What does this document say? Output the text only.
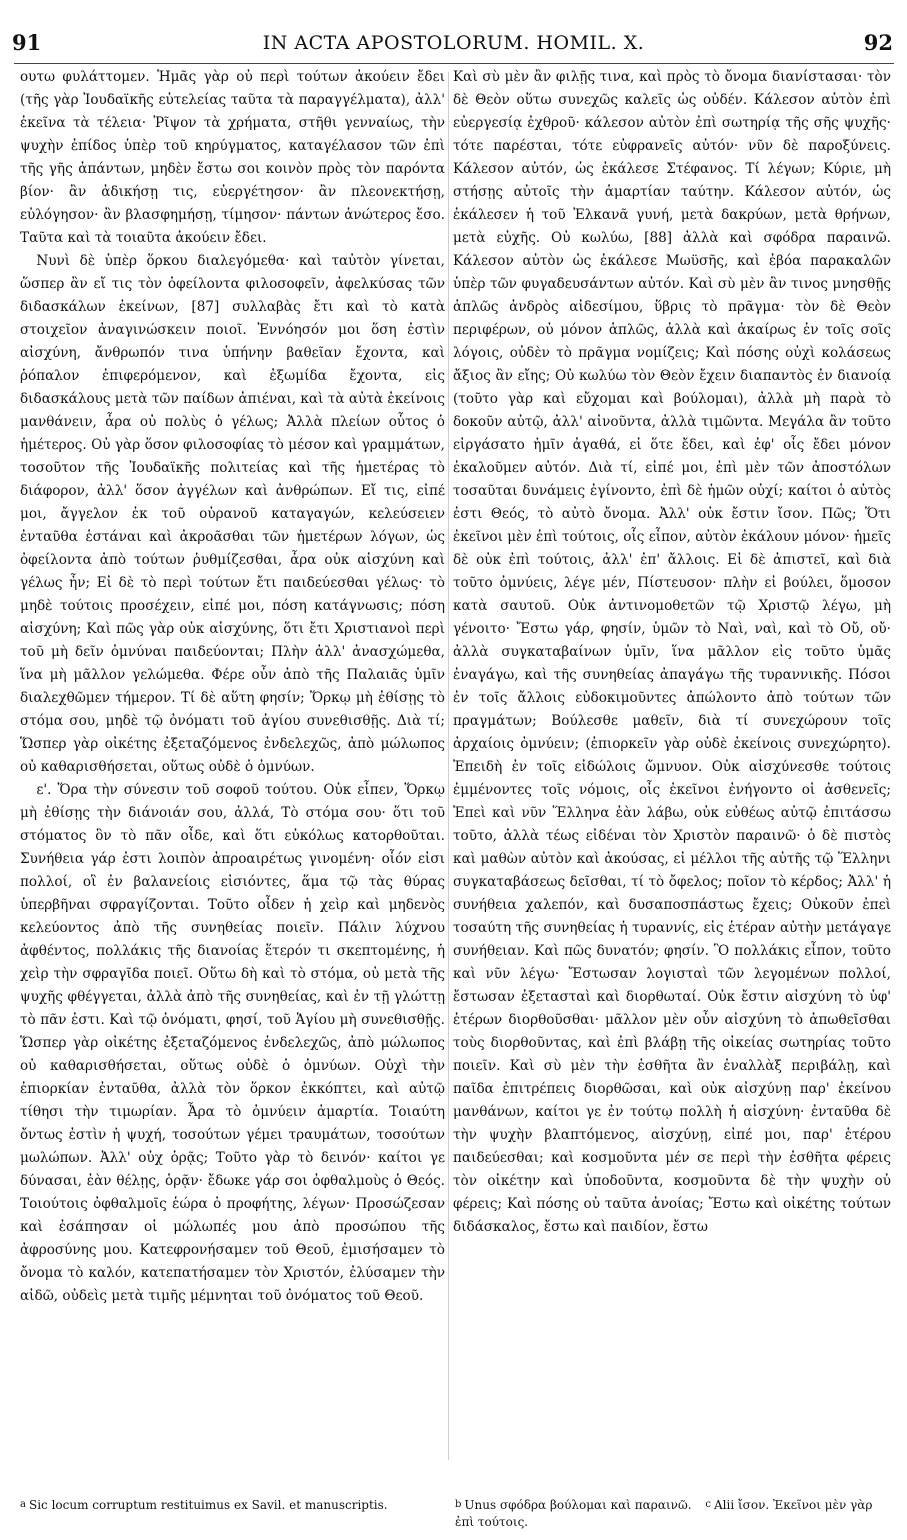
91	IN ACTA APOSTOLORUM. HOMIL. X.	92

ουτω φυλάττομεν. Ἡμᾶς γὰρ οὐ περὶ τούτων ἀκούειν ἔδει (τῆς γὰρ Ἰουδαϊκῆς εὐτελείας ταῦτα τὰ παραγγέλματα), ἀλλ' ἐκεῖνα τὰ τέλεια· Ῥῖψον τὰ χρήματα, στῆθι γενναίως, τὴν ψυχὴν ἐπίδος ὑπὲρ τοῦ κηρύγματος, καταγέλασον τῶν ἐπὶ τῆς γῆς ἁπάντων, μηδὲν ἔστω σοι κοινὸν πρὸς τὸν παρόντα βίον· ἂν ἀδικήσῃ τις, εὐεργέτησον· ἂν πλεονεκτήσῃ, εὐλόγησον· ἂν βλασφημήσῃ, τίμησον· πάντων ἀνώτερος ἔσο. Ταῦτα καὶ τὰ τοιαῦτα ἀκούειν ἔδει.

Νυνὶ δὲ ὑπὲρ ὅρκου διαλεγόμεθα· καὶ ταὐτὸν γίνεται, ὥσπερ ἂν εἴ τις τὸν ὀφείλοντα φιλοσοφεῖν, ἀφελκύσας τῶν διδασκάλων ἐκείνων, [87] συλλαβὰς ἔτι καὶ τὸ κατὰ στοιχεῖον ἀναγινώσκειν ποιοῖ. Ἐννόησόν μοι ὅση ἐστὶν αἰσχύνη, ἄνθρωπόν τινα ὑπήνην βαθεῖαν ἔχοντα, καὶ ῥόπαλον ἐπιφερόμενον, καὶ ἐξωμίδα ἔχοντα, εἰς διδασκάλους μετὰ τῶν παίδων ἀπιέναι, καὶ τὰ αὐτὰ ἐκείνοις μανθάνειν, ἆρα οὐ πολὺς ὁ γέλως; Ἀλλὰ πλείων οὗτος ὁ ἡμέτερος. Οὐ γὰρ ὅσον φιλοσοφίας τὸ μέσον καὶ γραμμάτων, τοσοῦτον τῆς Ἰουδαϊκῆς πολιτείας καὶ τῆς ἡμετέρας τὸ διάφορον, ἀλλ' ὅσον ἀγγέλων καὶ ἀνθρώπων. Εἴ τις, εἰπέ μοι, ἄγγελον ἐκ τοῦ οὐρανοῦ καταγαγών, κελεύσειεν ἐνταῦθα ἑστάναι καὶ ἀκροᾶσθαι τῶν ἡμετέρων λόγων, ὡς ὀφείλοντα ἀπὸ τούτων ῥυθμίζεσθαι, ἆρα οὐκ αἰσχύνη καὶ γέλως ἦν; Εἰ δὲ τὸ περὶ τούτων ἔτι παιδεύεσθαι γέλως· τὸ μηδὲ τούτοις προσέχειν, εἰπέ μοι, πόση κατάγνωσις; πόση αἰσχύνη; Καὶ πῶς γὰρ οὐκ αἰσχύνης, ὅτι ἔτι Χριστιανοὶ περὶ τοῦ μὴ δεῖν ὀμνύναι παιδεύονται; Πλὴν ἀλλ' ἀνασχώμεθα, ἵνα μὴ μᾶλλον γελώμεθα. Φέρε οὖν ἀπὸ τῆς Παλαιᾶς ὑμῖν διαλεχθῶμεν τήμερον. Τί δὲ αὕτη φησίν; Ὅρκῳ μὴ ἐθίσῃς τὸ στόμα σου, μηδὲ τῷ ὀνόματι τοῦ ἁγίου συνεθισθῇς. Διὰ τί; Ὥσπερ γὰρ οἰκέτης ἐξεταζόμενος ἐνδελεχῶς, ἀπὸ μώλωπος οὐ καθαρισθήσεται, οὕτως οὐδὲ ὁ ὀμνύων.

ε'. Ὅρα τὴν σύνεσιν τοῦ σοφοῦ τούτου. Οὐκ εἶπεν, Ὅρκῳ μὴ ἐθίσῃς τὴν διάνοιάν σου, ἀλλά, Τὸ στόμα σου· ὅτι τοῦ στόματος ὃν τὸ πᾶν οἶδε, καὶ ὅτι εὐκόλως κατορθοῦται. Συνήθεια γάρ ἐστι λοιπὸν ἀπροαιρέτως γινομένη· οἷόν εἰσι πολλοί, οἳ ἐν βαλανείοις εἰσιόντες, ἅμα τῷ τὰς θύρας ὑπερβῆναι σφραγίζονται. Τοῦτο οἶδεν ἡ χεὶρ καὶ μηδενὸς κελεύοντος ἀπὸ τῆς συνηθείας ποιεῖν. Πάλιν λύχνου ἀφθέντος, πολλάκις τῆς διανοίας ἕτερόν τι σκεπτομένης, ἡ χεὶρ τὴν σφραγῖδα ποιεῖ. Οὕτω δὴ καὶ τὸ στόμα, οὐ μετὰ τῆς ψυχῆς φθέγγεται, ἀλλὰ ἀπὸ τῆς συνηθείας, καὶ ἐν τῇ γλώττῃ τὸ πᾶν ἐστι. Καὶ τῷ ὀνόματι, φησί, τοῦ Ἁγίου μὴ συνεθισθῇς. Ὥσπερ γὰρ οἰκέτης ἐξεταζόμενος ἐνδελεχῶς, ἀπὸ μώλωπος οὐ καθαρισθήσεται, οὕτως οὐδὲ ὁ ὀμνύων. Οὐχὶ τὴν ἐπιορκίαν ἐνταῦθα, ἀλλὰ τὸν ὅρκον ἐκκόπτει, καὶ αὐτῷ τίθησι τὴν τιμωρίαν. Ἆρα τὸ ὀμνύειν ἁμαρτία. Τοιαύτη ὄντως ἐστὶν ἡ ψυχή, τοσούτων γέμει τραυμάτων, τοσούτων μωλώπων. Ἀλλ' οὐχ ὁρᾷς; Τοῦτο γὰρ τὸ δεινόν· καίτοι γε δύνασαι, ἐὰν θέλῃς, ὁρᾷν· ἔδωκε γάρ σοι ὀφθαλμοὺς ὁ Θεός. Τοιούτοις ὀφθαλμοῖς ἑώρα ὁ προφήτης, λέγων· Προσώζεσαν καὶ ἐσάπησαν οἱ μώλωπές μου ἀπὸ προσώπου τῆς ἀφροσύνης μου. Κατεφρονήσαμεν τοῦ Θεοῦ, ἐμισήσαμεν τὸ ὄνομα τὸ καλόν, κατεπατήσαμεν τὸν Χριστόν, ἐλύσαμεν τὴν αἰδῶ, οὐδεὶς μετὰ τιμῆς μέμνηται τοῦ ὀνόματος τοῦ Θεοῦ.

Καὶ σὺ μὲν ἂν φιλῇς τινα, καὶ πρὸς τὸ ὄνομα διανίστασαι· τὸν δὲ Θεὸν οὕτω συνεχῶς καλεῖς ὡς οὐδέν. Κάλεσον αὐτὸν ἐπὶ εὐεργεσίᾳ ἐχθροῦ· κάλεσον αὐτὸν ἐπὶ σωτηρίᾳ τῆς σῆς ψυχῆς· τότε παρέσται, τότε εὐφρανεῖς αὐτόν· νῦν δὲ παροξύνεις. Κάλεσον αὐτόν, ὡς ἐκάλεσε Στέφανος. Τί λέγων; Κύριε, μὴ στήσῃς αὐτοῖς τὴν ἁμαρτίαν ταύτην. Κάλεσον αὐτόν, ὡς ἐκάλεσεν ἡ τοῦ Ἐλκανᾶ γυνή, μετὰ δακρύων, μετὰ θρήνων, μετὰ εὐχῆς. Οὐ κωλύω, [88] ἀλλὰ καὶ σφόδρα παραινῶ. Κάλεσον αὐτὸν ὡς ἐκάλεσε Μωϋσῆς, καὶ ἐβόα παρακαλῶν ὑπὲρ τῶν φυγαδευσάντων αὐτόν. Καὶ σὺ μὲν ἂν τινος μνησθῇς ἁπλῶς ἀνδρὸς αἰδεσίμου, ὕβρις τὸ πρᾶγμα· τὸν δὲ Θεὸν περιφέρων, οὐ μόνον ἁπλῶς, ἀλλὰ καὶ ἀκαίρως ἐν τοῖς σοῖς λόγοις, οὐδὲν τὸ πρᾶγμα νομίζεις; Καὶ πόσης οὐχὶ κολάσεως ἄξιος ἂν εἴης; Οὐ κωλύω τὸν Θεὸν ἔχειν διαπαντὸς ἐν διανοίᾳ (τοῦτο γὰρ καὶ εὔχομαι καὶ βούλομαι), ἀλλὰ μὴ παρὰ τὸ δοκοῦν αὐτῷ, ἀλλ' αἰνοῦντα, ἀλλὰ τιμῶντα. Μεγάλα ἂν τοῦτο εἰργάσατο ἡμῖν ἀγαθά, εἰ ὅτε ἔδει, καὶ ἐφ' οἷς ἔδει μόνον ἐκαλοῦμεν αὐτόν. Διὰ τί, εἰπέ μοι, ἐπὶ μὲν τῶν ἀποστόλων τοσαῦται δυνάμεις ἐγίνοντο, ἐπὶ δὲ ἡμῶν οὐχί; καίτοι ὁ αὐτὸς ἐστι Θεός, τὸ αὐτὸ ὄνομα. Ἀλλ' οὐκ ἔστιν ἴσον. Πῶς; Ὅτι ἐκεῖνοι μὲν ἐπὶ τούτοις, οἷς εἶπον, αὐτὸν ἐκάλουν μόνον· ἡμεῖς δὲ οὐκ ἐπὶ τούτοις, ἀλλ' ἐπ' ἄλλοις. Εἰ δὲ ἀπιστεῖ, καὶ διὰ τοῦτο ὀμνύεις, λέγε μέν, Πίστευσον· πλὴν εἰ βούλει, ὅμοσον κατὰ σαυτοῦ. Οὐκ ἀντινομοθετῶν τῷ Χριστῷ λέγω, μὴ γένοιτο· Ἔστω γάρ, φησίν, ὑμῶν τὸ Ναὶ, ναὶ, καὶ τὸ Οὔ, οὔ· ἀλλὰ συγκαταβαίνων ὑμῖν, ἵνα μᾶλλον εἰς τοῦτο ὑμᾶς ἐναγάγω, καὶ τῆς συνηθείας ἀπαγάγω τῆς τυραννικῆς. Πόσοι ἐν τοῖς ἄλλοις εὐδοκιμοῦντες ἀπώλοντο ἀπὸ τούτων τῶν πραγμάτων; Βούλεσθε μαθεῖν, διὰ τί συνεχώρουν τοῖς ἀρχαίοις ὀμνύειν; (ἐπιορκεῖν γὰρ οὐδὲ ἐκείνοις συνεχώρητο). Ἐπειδὴ ἐν τοῖς εἰδώλοις ὤμνυον. Οὐκ αἰσχύνεσθε τούτοις ἐμμένοντες τοῖς νόμοις, οἷς ἐκεῖνοι ἐνήγοντο οἱ ἀσθενεῖς; Ἐπεὶ καὶ νῦν Ἕλληνα ἐὰν λάβω, οὐκ εὐθέως αὐτῷ ἐπιτάσσω τοῦτο, ἀλλὰ τέως εἰδέναι τὸν Χριστὸν παραινῶ· ὁ δὲ πιστὸς καὶ μαθὼν αὐτὸν καὶ ἀκούσας, εἰ μέλλοι τῆς αὐτῆς τῷ Ἕλληνι συγκαταβάσεως δεῖσθαι, τί τὸ ὄφελος; ποῖον τὸ κέρδος; Ἀλλ' ἡ συνήθεια χαλεπόν, καὶ δυσαποσπάστως ἔχεις; Οὐκοῦν ἐπεὶ τοσαύτη τῆς συνηθείας ἡ τυραννίς, εἰς ἑτέραν αὐτὴν μετάγαγε συνήθειαν. Καὶ πῶς δυνατόν; φησίν. Ὃ πολλάκις εἶπον, τοῦτο καὶ νῦν λέγω· Ἔστωσαν λογισταὶ τῶν λεγομένων πολλοί, ἔστωσαν ἐξετασταὶ καὶ διορθωταί. Οὐκ ἔστιν αἰσχύνη τὸ ὑφ' ἑτέρων διορθοῦσθαι· μᾶλλον μὲν οὖν αἰσχύνη τὸ ἀπωθεῖσθαι τοὺς διορθοῦντας, καὶ ἐπὶ βλάβῃ τῆς οἰκείας σωτηρίας τοῦτο ποιεῖν. Καὶ σὺ μὲν τὴν ἐσθῆτα ἂν ἐναλλὰξ περιβάλῃ, καὶ παῖδα ἐπιτρέπεις διορθῶσαι, καὶ οὐκ αἰσχύνῃ παρ' ἐκείνου μανθάνων, καίτοι γε ἐν τούτῳ πολλὴ ἡ αἰσχύνη· ἐνταῦθα δὲ τὴν ψυχὴν βλαπτόμενος, αἰσχύνῃ, εἰπέ μοι, παρ' ἑτέρου παιδεύεσθαι; καὶ κοσμοῦντα μέν σε περὶ τὴν ἐσθῆτα φέρεις τὸν οἰκέτην καὶ ὑποδοῦντα, κοσμοῦντα δὲ τὴν ψυχὴν οὐ φέρεις; Καὶ πόσης οὐ ταῦτα ἀνοίας; Ἔστω καὶ οἰκέτης τούτων διδάσκαλος, ἔστω καὶ παιδίον, ἔστω

a Sic locum corruptum restituimus ex Savil. et manuscriptis.	b Unus σφόδρα βούλομαι καὶ παραινῶ. c Alii ἴσον. Ἐκεῖνοι μὲν γὰρ ἐπὶ τούτοις.
